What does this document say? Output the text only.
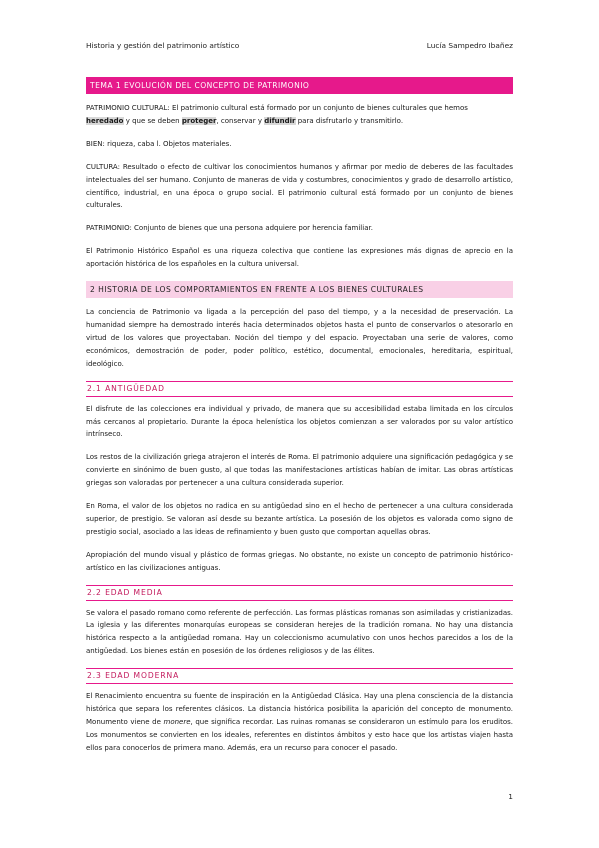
Historia y gestión del patrimonio artístico	Lucía Sampedro Ibañez
TEMA 1 EVOLUCIÓN DEL CONCEPTO DE PATRIMONIO

PATRIMONIO CULTURAL: El patrimonio cultural está formado por un conjunto de bienes culturales que hemos
heredado y que se deben proteger, conservar y difundir para disfrutarlo y transmitirlo.

BIEN: riqueza, caba l. Objetos materiales.

CULTURA: Resultado o efecto de cultivar los conocimientos humanos y afirmar por medio de deberes de las facultades intelectuales del ser humano. Conjunto de maneras de vida y costumbres, conocimientos y grado de desarrollo artístico, científico, industrial, en una época o grupo social. El patrimonio cultural está formado por un conjunto de bienes culturales.

PATRIMONIO: Conjunto de bienes que una persona adquiere por herencia familiar.

El Patrimonio Histórico Español es una riqueza colectiva que contiene las expresiones más dignas de aprecio en la aportación histórica de los españoles en la cultura universal.

2 HISTORIA DE LOS COMPORTAMIENTOS EN FRENTE A LOS BIENES CULTURALES

La conciencia de Patrimonio va ligada a la percepción del paso del tiempo, y a la necesidad de preservación. La humanidad siempre ha demostrado interés hacia determinados objetos hasta el punto de conservarlos o atesorarlo en virtud de los valores que proyectaban. Noción del tiempo y del espacio. Proyectaban una serie de valores, como económicos, demostración de poder, poder político, estético, documental, emocionales, hereditaria, espiritual, ideológico.

2.1 ANTIGÜEDAD

El disfrute de las colecciones era individual y privado, de manera que su accesibilidad estaba limitada en los círculos más cercanos al propietario. Durante la época helenística los objetos comienzan a ser valorados por su valor artístico intrínseco.

Los restos de la civilización griega atrajeron el interés de Roma. El patrimonio adquiere una significación pedagógica y se convierte en sinónimo de buen gusto, al que todas las manifestaciones artísticas habían de imitar. Las obras artísticas griegas son valoradas por pertenecer a una cultura considerada superior.

En Roma, el valor de los objetos no radica en su antigüedad sino en el hecho de pertenecer a una cultura considerada superior, de prestigio. Se valoran así desde su bezante artística. La posesión de los objetos es valorada como signo de prestigio social, asociado a las ideas de refinamiento y buen gusto que comportan aquellas obras.

Apropiación del mundo visual y plástico de formas griegas. No obstante, no existe un concepto de patrimonio histórico-artístico en las civilizaciones antiguas.

2.2 EDAD MEDIA

Se valora el pasado romano como referente de perfección. Las formas plásticas romanas son asimiladas y cristianizadas. La iglesia y las diferentes monarquías europeas se consideran herejes de la tradición romana. No hay una distancia histórica respecto a la antigüedad romana. Hay un coleccionismo acumulativo con unos hechos parecidos a los de la antigüedad. Los bienes están en posesión de los órdenes religiosos y de las élites.

2.3 EDAD MODERNA

El Renacimiento encuentra su fuente de inspiración en la Antigüedad Clásica. Hay una plena consciencia de la distancia histórica que separa los referentes clásicos. La distancia histórica posibilita la aparición del concepto de monumento. Monumento viene de monere, que significa recordar. Las ruinas romanas se consideraron un estímulo para los eruditos. Los monumentos se convierten en los ideales, referentes en distintos ámbitos y esto hace que los artistas viajen hasta ellos para conocerlos de primera mano. Además, era un recurso para conocer el pasado.

1
